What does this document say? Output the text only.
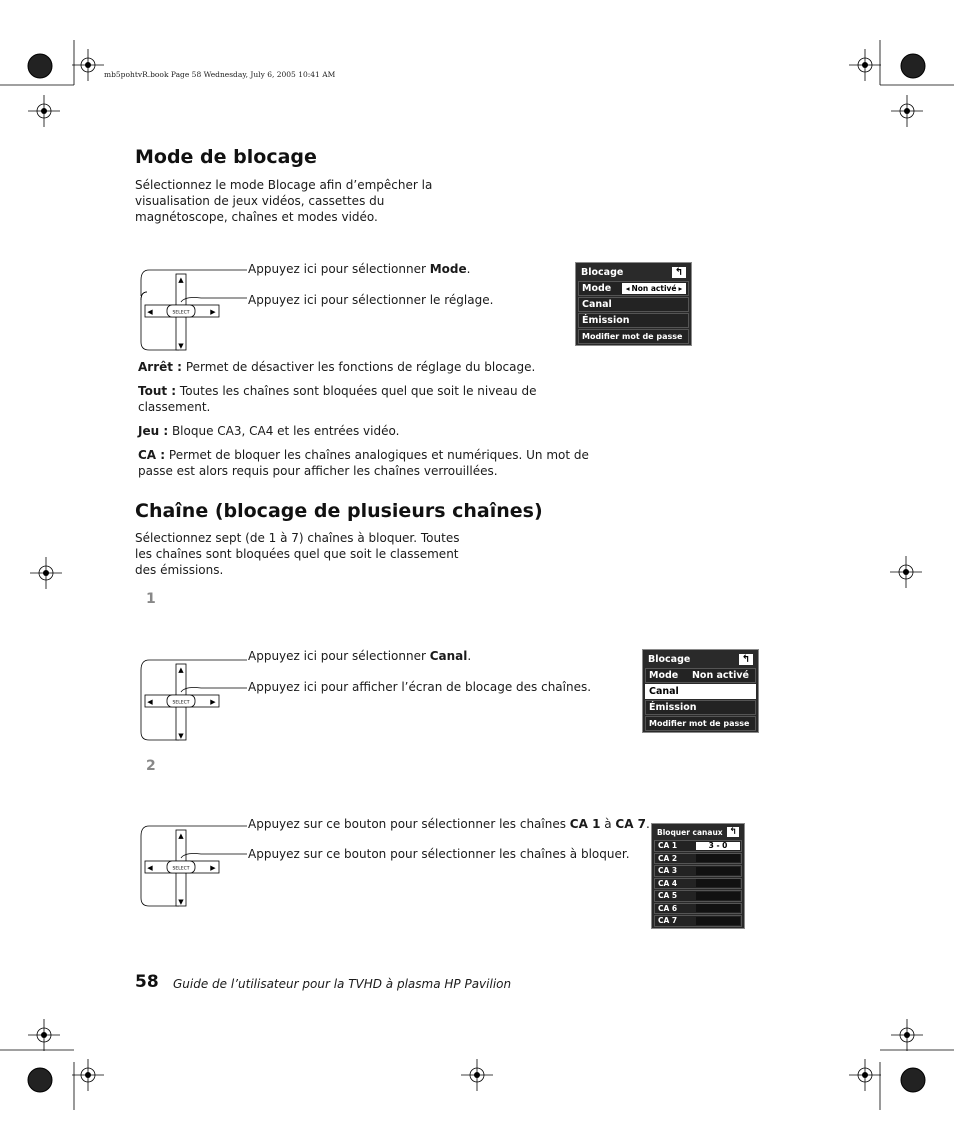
mb5pohtvR.book Page 58 Wednesday, July 6, 2005 10:41 AM
Mode de blocage
Sélectionnez le mode Blocage afin d’empêcher la
visualisation de jeux vidéos, cassettes du
magnétoscope, chaînes et modes vidéo.
▲
▼
◀	▶
SELECT
Appuyez ici pour sélectionner Mode.
Appuyez ici pour sélectionner le réglage.
Blocage	↰
Mode ◂ Non activé ▸
Canal
Émission
Modifier mot de passe
Arrêt : Permet de désactiver les fonctions de réglage du blocage.
Tout : Toutes les chaînes sont bloquées quel que soit le niveau de
classement.
Jeu : Bloque CA3, CA4 et les entrées vidéo.
CA : Permet de bloquer les chaînes analogiques et numériques. Un mot de
passe est alors requis pour afficher les chaînes verrouillées.
Chaîne (blocage de plusieurs chaînes)
Sélectionnez sept (de 1 à 7) chaînes à bloquer. Toutes
les chaînes sont bloquées quel que soit le classement
des émissions.
1
▲
▼
◀	▶
SELECT
Appuyez ici pour sélectionner Canal.
Appuyez ici pour afficher l’écran de blocage des chaînes.
Blocage	↰
Mode	Non activé
Canal
Émission
Modifier mot de passe
2
▲
▼
◀	▶
SELECT
Appuyez sur ce bouton pour sélectionner les chaînes CA 1 à CA 7.
Appuyez sur ce bouton pour sélectionner les chaînes à bloquer.
Bloquer canaux ↰
CA 1	3 - 0
CA 2
CA 3
CA 4
CA 5
CA 6
CA 7
58 Guide de l’utilisateur pour la TVHD à plasma HP Pavilion
